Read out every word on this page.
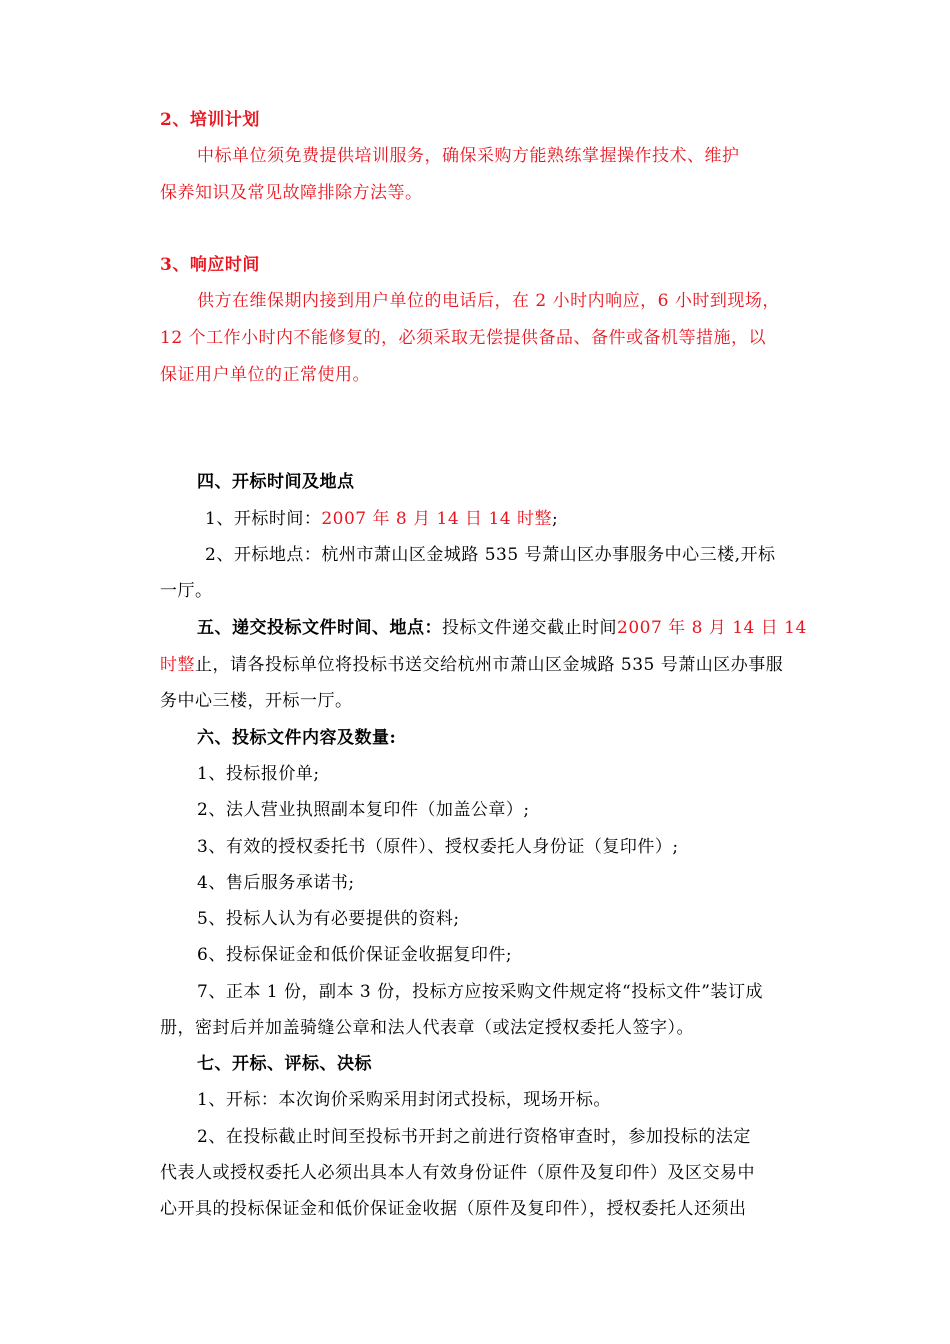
2、培训计划
中标单位须免费提供培训服务，确保采购方能熟练掌握操作技术、维护
保养知识及常见故障排除方法等。
3、响应时间
供方在维保期内接到用户单位的电话后，在 2 小时内响应，6 小时到现场，
12 个工作小时内不能修复的，必须采取无偿提供备品、备件或备机等措施，以
保证用户单位的正常使用。
四、开标时间及地点
1、开标时间：2007 年 8 月 14 日 14 时整;
2、开标地点：杭州市萧山区金城路 535 号萧山区办事服务中心三楼,开标
一厅。
五、递交投标文件时间、地点：投标文件递交截止时间2007 年 8 月 14 日 14
时整止，请各投标单位将投标书送交给杭州市萧山区金城路 535 号萧山区办事服
务中心三楼，开标一厅。
六、投标文件内容及数量:
1、投标报价单;
2、法人营业执照副本复印件（加盖公章）;
3、有效的授权委托书（原件）、授权委托人身份证（复印件）;
4、售后服务承诺书;
5、投标人认为有必要提供的资料;
6、投标保证金和低价保证金收据复印件;
7、正本 1 份，副本 3 份，投标方应按采购文件规定将“投标文件”装订成
册，密封后并加盖骑缝公章和法人代表章（或法定授权委托人签字）。
七、开标、评标、决标
1、开标：本次询价采购采用封闭式投标，现场开标。
2、在投标截止时间至投标书开封之前进行资格审查时，参加投标的法定
代表人或授权委托人必须出具本人有效身份证件（原件及复印件）及区交易中
心开具的投标保证金和低价保证金收据（原件及复印件），授权委托人还须出
